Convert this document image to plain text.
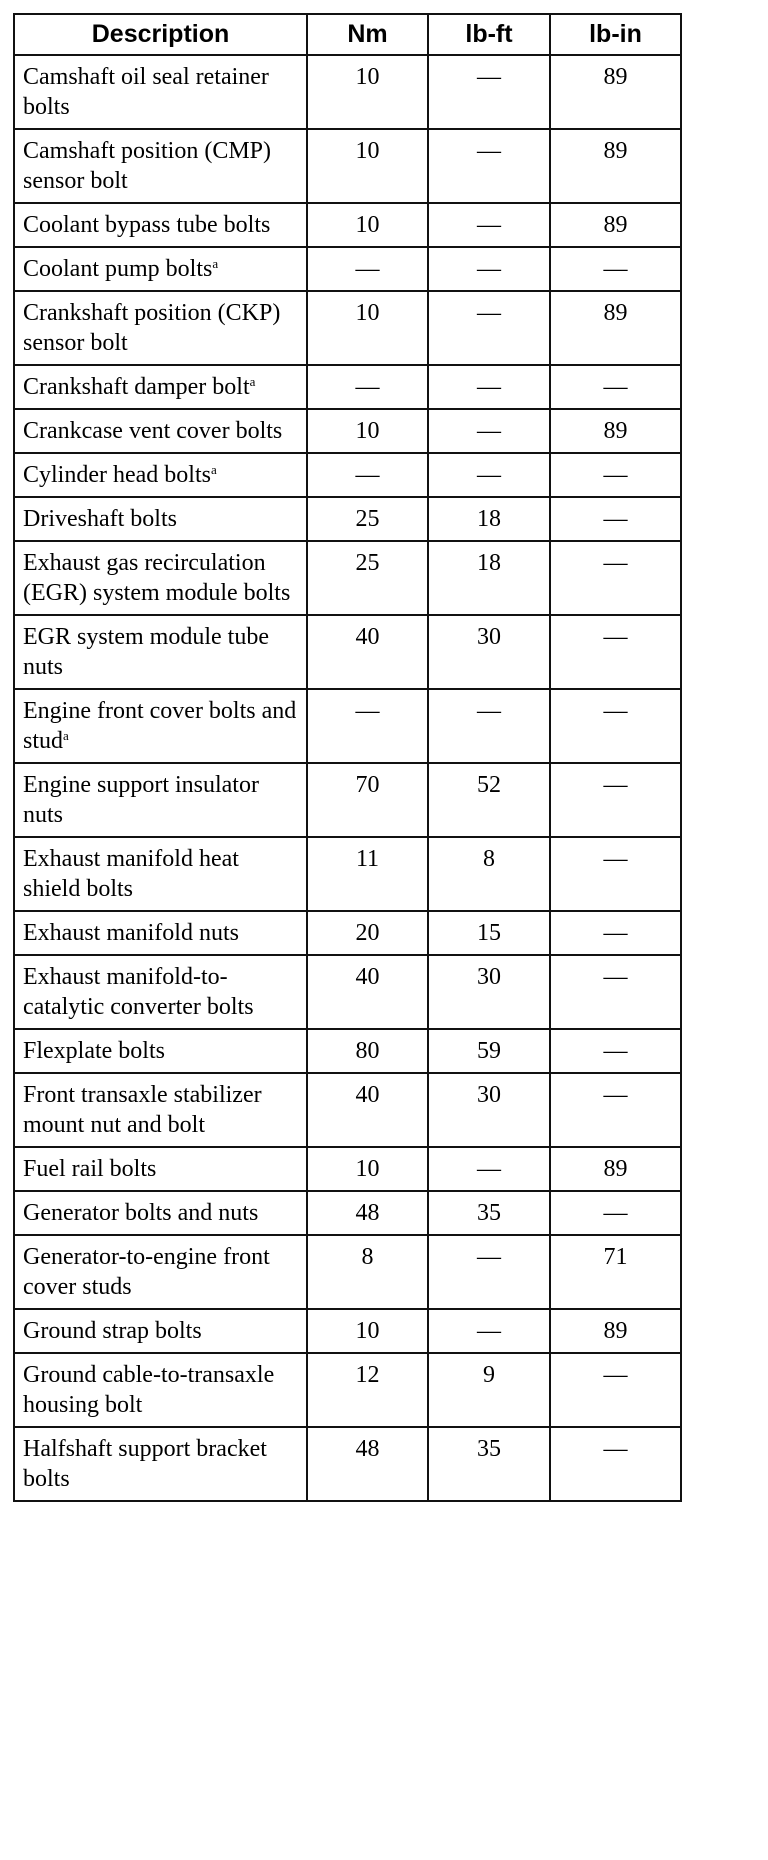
Description	Nm	lb-ft	lb-in
Camshaft oil seal retainer bolts	10	—	89
Camshaft position (CMP) sensor bolt	10	—	89
Coolant bypass tube bolts	10	—	89
Coolant pump bolts$^a$	—	—	—
Crankshaft position (CKP) sensor bolt	10	—	89
Crankshaft damper bolt$^a$	—	—	—
Crankcase vent cover bolts	10	—	89
Cylinder head bolts$^a$	—	—	—
Driveshaft bolts	25	18	—
Exhaust gas recirculation (EGR) system module bolts	25	18	—
EGR system module tube nuts	40	30	—
Engine front cover bolts and stud$^a$	—	—	—
Engine support insulator nuts	70	52	—
Exhaust manifold heat shield bolts	11	8	—
Exhaust manifold nuts	20	15	—
Exhaust manifold-to-catalytic converter bolts	40	30	—
Flexplate bolts	80	59	—
Front transaxle stabilizer mount nut and bolt	40	30	—
Fuel rail bolts	10	—	89
Generator bolts and nuts	48	35	—
Generator-to-engine front cover studs	8	—	71
Ground strap bolts	10	—	89
Ground cable-to-transaxle housing bolt	12	9	—
Halfshaft support bracket bolts	48	35	—
